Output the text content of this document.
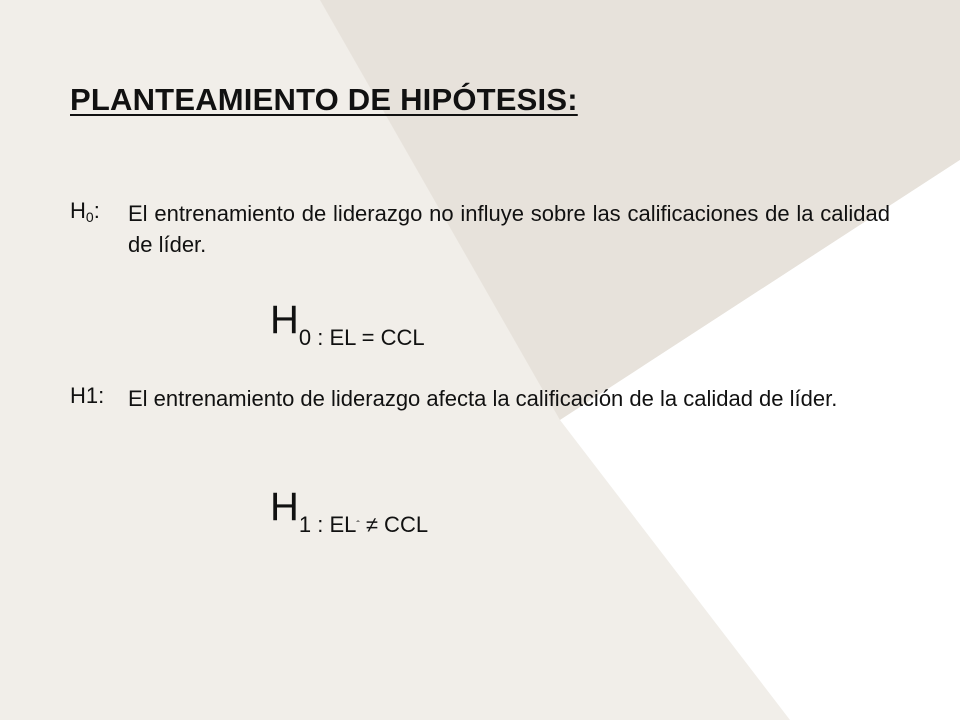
PLANTEAMIENTO DE HIPÓTESIS:
$H_0$: El entrenamiento de liderazgo no influye sobre las calificaciones de la calidad de líder.
H0 : EL = CCL
H1: El entrenamiento de liderazgo afecta la calificación de la calidad de líder.
H1 : ELˆ ≠ CCL
